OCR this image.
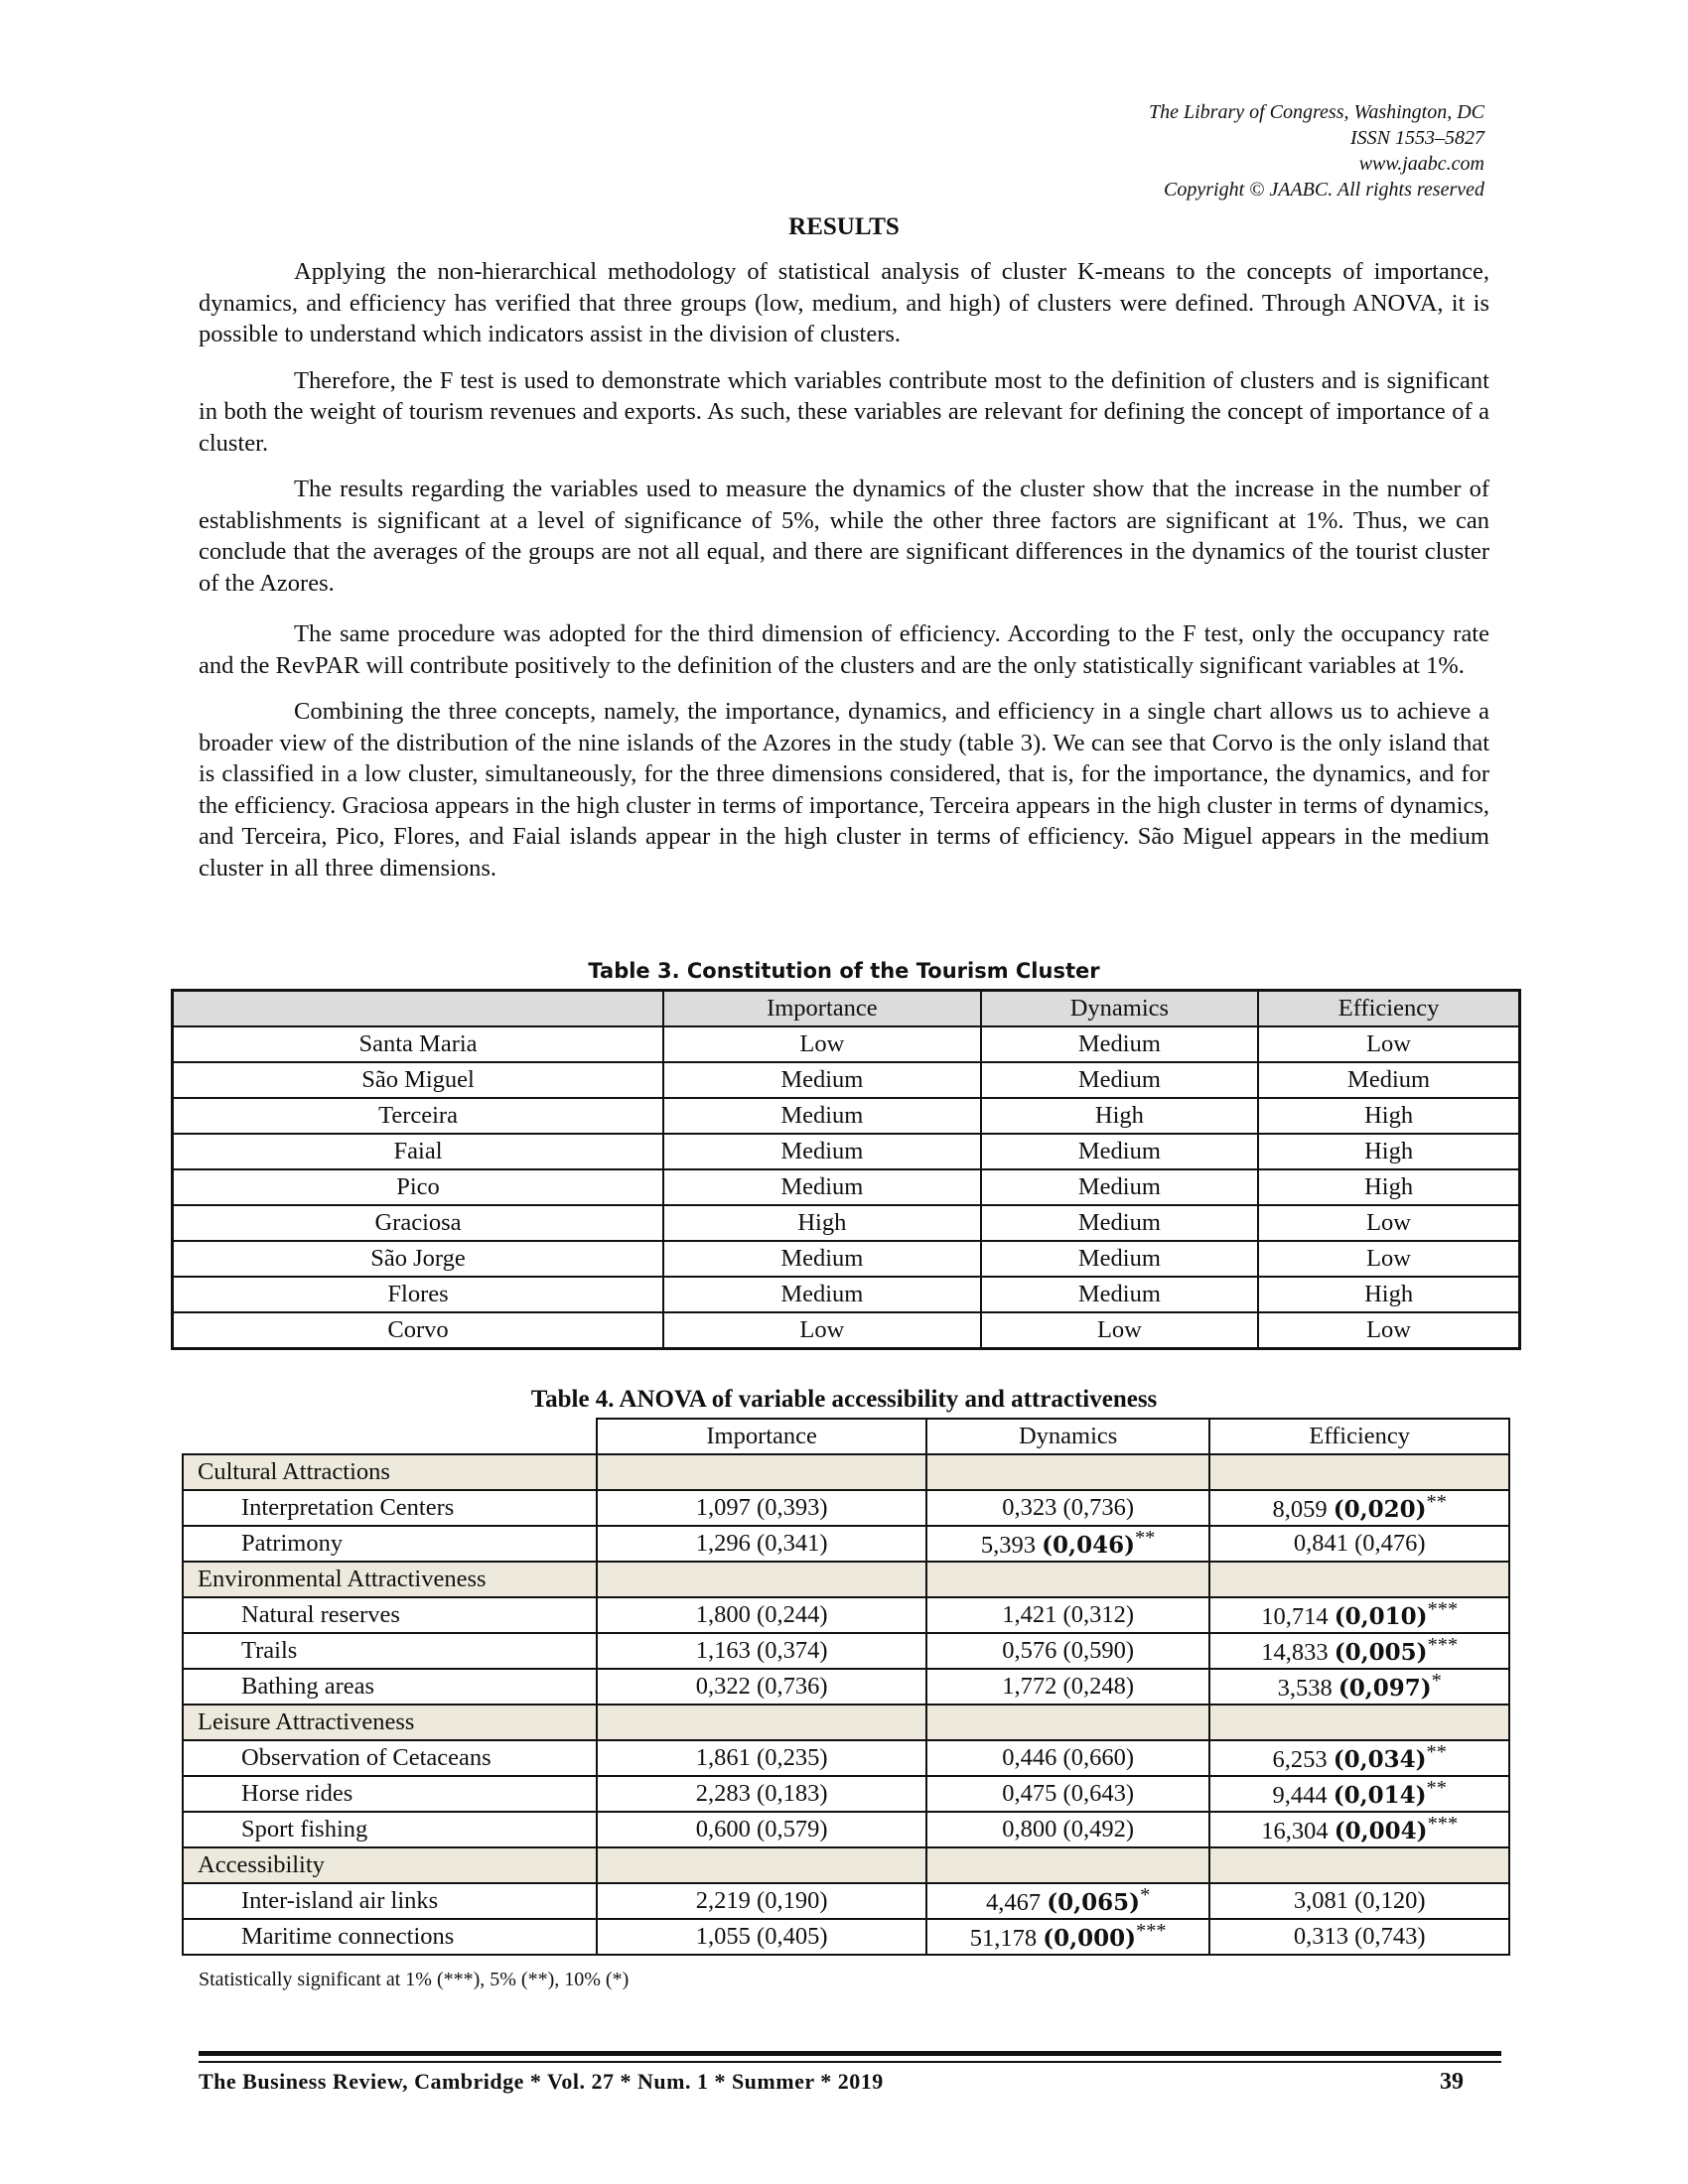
The Library of Congress, Washington, DC
ISSN 1553–5827
www.jaabc.com
Copyright © JAABC. All rights reserved
RESULTS

Applying the non-hierarchical methodology of statistical analysis of cluster K-means to the concepts of importance, dynamics, and efficiency has verified that three groups (low, medium, and high) of clusters were defined. Through ANOVA, it is possible to understand which indicators assist in the division of clusters.

Therefore, the F test is used to demonstrate which variables contribute most to the definition of clusters and is significant in both the weight of tourism revenues and exports. As such, these variables are relevant for defining the concept of importance of a cluster.

The results regarding the variables used to measure the dynamics of the cluster show that the increase in the number of establishments is significant at a level of significance of 5%, while the other three factors are significant at 1%. Thus, we can conclude that the averages of the groups are not all equal, and there are significant differences in the dynamics of the tourist cluster of the Azores.

The same procedure was adopted for the third dimension of efficiency. According to the F test, only the occupancy rate and the RevPAR will contribute positively to the definition of the clusters and are the only statistically significant variables at 1%.

Combining the three concepts, namely, the importance, dynamics, and efficiency in a single chart allows us to achieve a broader view of the distribution of the nine islands of the Azores in the study (table 3). We can see that Corvo is the only island that is classified in a low cluster, simultaneously, for the three dimensions considered, that is, for the importance, the dynamics, and for the efficiency. Graciosa appears in the high cluster in terms of importance, Terceira appears in the high cluster in terms of dynamics, and Terceira, Pico, Flores, and Faial islands appear in the high cluster in terms of efficiency. São Miguel appears in the medium cluster in all three dimensions.

Table 3. Constitution of the Tourism Cluster
	Importance	Dynamics	Efficiency
Santa Maria	Low	Medium	Low
São Miguel	Medium	Medium	Medium
Terceira	Medium	High	High
Faial	Medium	Medium	High
Pico	Medium	Medium	High
Graciosa	High	Medium	Low
São Jorge	Medium	Medium	Low
Flores	Medium	Medium	High
Corvo	Low	Low	Low
Table 4. ANOVA of variable accessibility and attractiveness
	Importance	Dynamics	Efficiency
Cultural Attractions			
Interpretation Centers	1,097 (0,393)	0,323 (0,736)	8,059 (0,020)**
Patrimony	1,296 (0,341)	5,393 (0,046)**	0,841 (0,476)
Environmental Attractiveness			
Natural reserves	1,800 (0,244)	1,421 (0,312)	10,714 (0,010)***
Trails	1,163 (0,374)	0,576 (0,590)	14,833 (0,005)***
Bathing areas	0,322 (0,736)	1,772 (0,248)	3,538 (0,097)*
Leisure Attractiveness			
Observation of Cetaceans	1,861 (0,235)	0,446 (0,660)	6,253 (0,034)**
Horse rides	2,283 (0,183)	0,475 (0,643)	9,444 (0,014)**
Sport fishing	0,600 (0,579)	0,800 (0,492)	16,304 (0,004)***
Accessibility			
Inter-island air links	2,219 (0,190)	4,467 (0,065)*	3,081 (0,120)
Maritime connections	1,055 (0,405)	51,178 (0,000)***	0,313 (0,743)
Statistically significant at 1% (***), 5% (**), 10% (*)
The Business Review, Cambridge * Vol. 27 * Num. 1 * Summer * 2019	39
